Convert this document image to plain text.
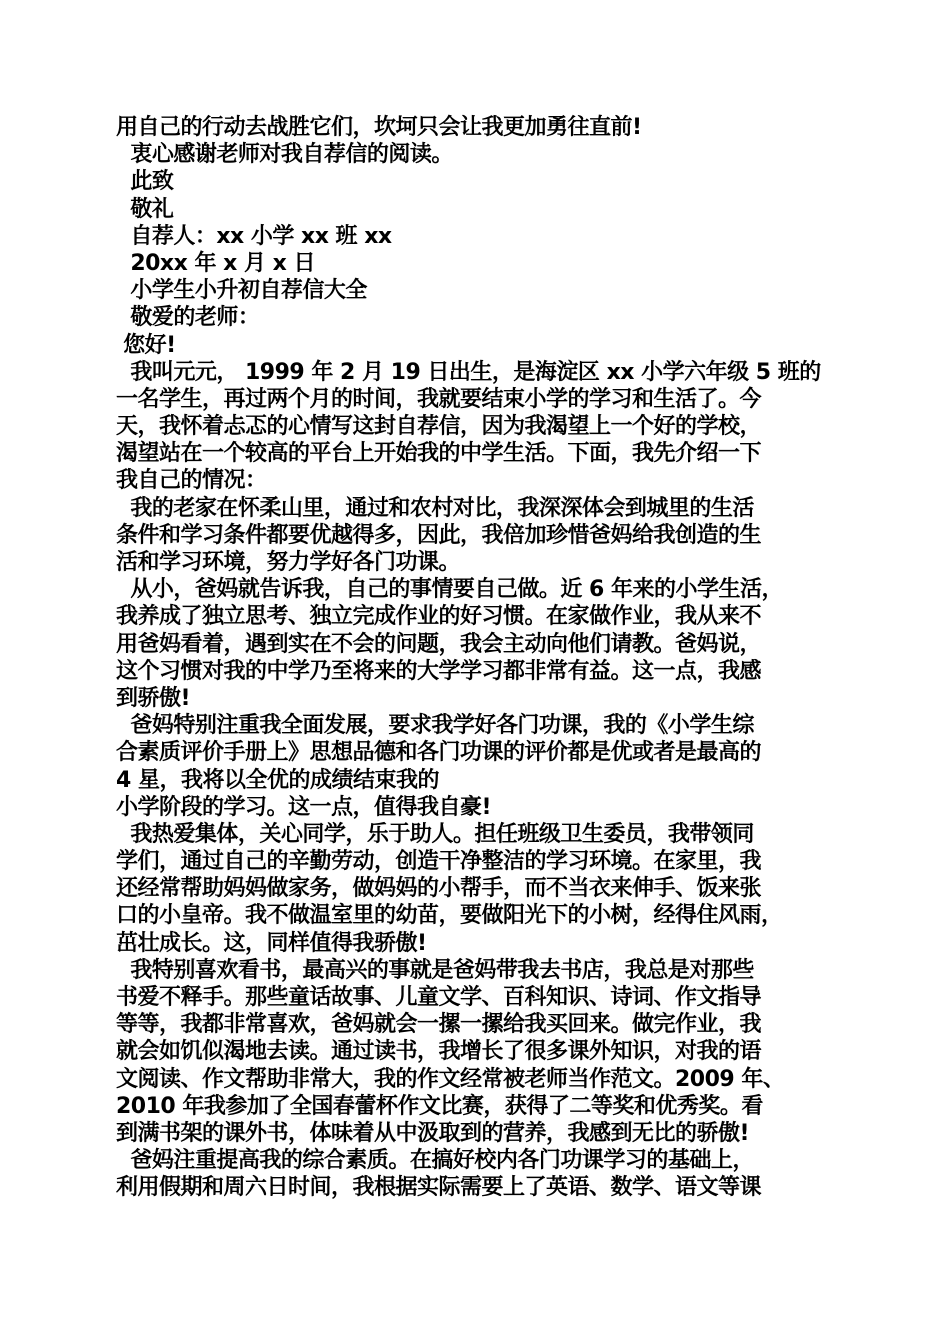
用自己的行动去战胜它们，坎坷只会让我更加勇往直前!
衷心感谢老师对我自荐信的阅读。
此致
敬礼
自荐人：xx 小学 xx 班 xx
20xx 年 x 月 x 日
小学生小升初自荐信大全
敬爱的老师：
您好!
我叫元元， 1999 年 2 月 19 日出生，是海淀区 xx 小学六年级 5 班的
一名学生，再过两个月的时间，我就要结束小学的学习和生活了。今
天，我怀着忐忑的心情写这封自荐信，因为我渴望上一个好的学校，
渴望站在一个较高的平台上开始我的中学生活。下面，我先介绍一下
我自己的情况：
我的老家在怀柔山里，通过和农村对比，我深深体会到城里的生活
条件和学习条件都要优越得多，因此，我倍加珍惜爸妈给我创造的生
活和学习环境，努力学好各门功课。
从小，爸妈就告诉我，自己的事情要自己做。近 6 年来的小学生活，
我养成了独立思考、独立完成作业的好习惯。在家做作业，我从来不
用爸妈看着，遇到实在不会的问题，我会主动向他们请教。爸妈说，
这个习惯对我的中学乃至将来的大学学习都非常有益。这一点，我感
到骄傲!
爸妈特别注重我全面发展，要求我学好各门功课，我的《小学生综
合素质评价手册上》思想品德和各门功课的评价都是优或者是最高的
4 星，我将以全优的成绩结束我的
小学阶段的学习。这一点，值得我自豪!
我热爱集体，关心同学，乐于助人。担任班级卫生委员，我带领同
学们，通过自己的辛勤劳动，创造干净整洁的学习环境。在家里，我
还经常帮助妈妈做家务，做妈妈的小帮手，而不当衣来伸手、饭来张
口的小皇帝。我不做温室里的幼苗，要做阳光下的小树，经得住风雨，
茁壮成长。这，同样值得我骄傲!
我特别喜欢看书，最高兴的事就是爸妈带我去书店，我总是对那些
书爱不释手。那些童话故事、儿童文学、百科知识、诗词、作文指导
等等，我都非常喜欢，爸妈就会一摞一摞给我买回来。做完作业，我
就会如饥似渴地去读。通过读书，我增长了很多课外知识，对我的语
文阅读、作文帮助非常大，我的作文经常被老师当作范文。2009 年、
2010 年我参加了全国春蕾杯作文比赛，获得了二等奖和优秀奖。看
到满书架的课外书，体味着从中汲取到的营养，我感到无比的骄傲!
爸妈注重提高我的综合素质。在搞好校内各门功课学习的基础上，
利用假期和周六日时间，我根据实际需要上了英语、数学、语文等课
